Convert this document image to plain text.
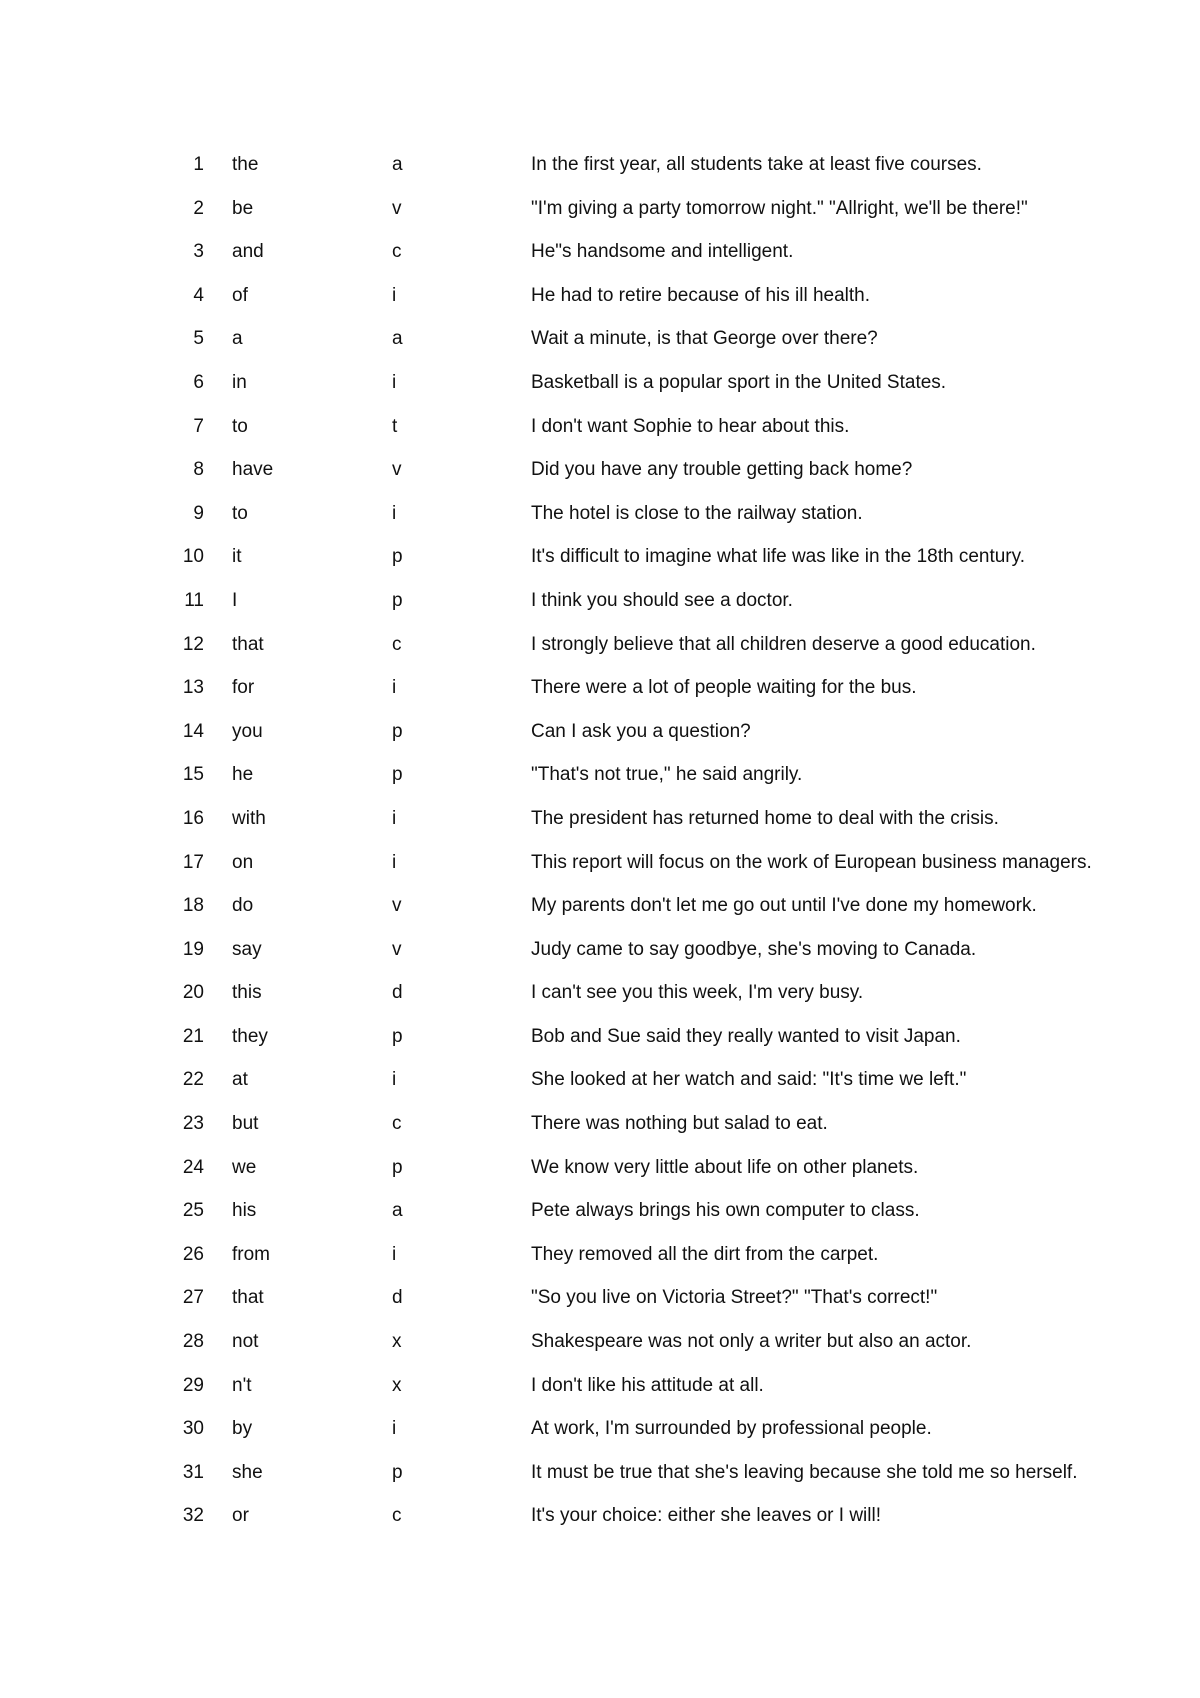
1 the	a	In the first year, all students take at least five courses.
2 be	v	"I'm giving a party tomorrow night." "Allright, we'll be there!"
3 and	c	He"s handsome and intelligent.
4 of	i	He had to retire because of his ill health.
5 a	a	Wait a minute, is that George over there?
6 in	i	Basketball is a popular sport in the United States.
7 to	t	I don't want Sophie to hear about this.
8 have	v	Did you have any trouble getting back home?
9 to	i	The hotel is close to the railway station.
10 it	p	It's difficult to imagine what life was like in the 18th century.
11 I	p	I think you should see a doctor.
12 that	c	I strongly believe that all children deserve a good education.
13 for	i	There were a lot of people waiting for the bus.
14 you	p	Can I ask you a question?
15 he	p	"That's not true," he said angrily.
16 with	i	The president has returned home to deal with the crisis.
17 on	i	This report will focus on the work of European business managers.
18 do	v	My parents don't let me go out until I've done my homework.
19 say	v	Judy came to say goodbye, she's moving to Canada.
20 this	d	I can't see you this week, I'm very busy.
21 they	p	Bob and Sue said they really wanted to visit Japan.
22 at	i	She looked at her watch and said: "It's time we left."
23 but	c	There was nothing but salad to eat.
24 we	p	We know very little about life on other planets.
25 his	a	Pete always brings his own computer to class.
26 from	i	They removed all the dirt from the carpet.
27 that	d	"So you live on Victoria Street?" "That's correct!"
28 not	x	Shakespeare was not only a writer but also an actor.
29 n't	x	I don't like his attitude at all.
30 by	i	At work, I'm surrounded by professional people.
31 she	p	It must be true that she's leaving because she told me so herself.
32 or	c	It's your choice: either she leaves or I will!
